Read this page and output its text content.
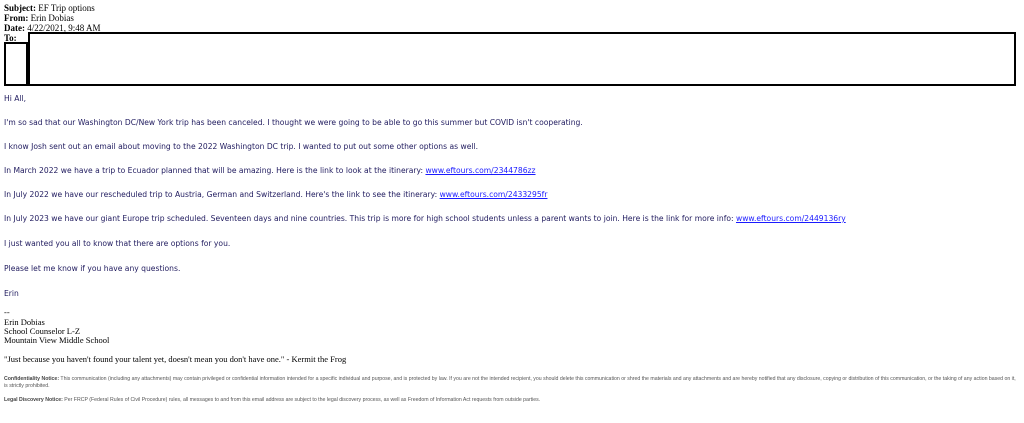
Subject: EF Trip options
From: Erin Dobias
Date: 4/22/2021, 9:48 AM
To:
Hi All,
I'm so sad that our Washington DC/New York trip has been canceled. I thought we were going to be able to go this summer but COVID isn't cooperating.
I know Josh sent out an email about moving to the 2022 Washington DC trip. I wanted to put out some other options as well.
In March 2022 we have a trip to Ecuador planned that will be amazing. Here is the link to look at the itinerary: www.eftours.com/2344786zz
In July 2022 we have our rescheduled trip to Austria, German and Switzerland. Here's the link to see the itinerary: www.eftours.com/2433295fr
In July 2023 we have our giant Europe trip scheduled. Seventeen days and nine countries. This trip is more for high school students unless a parent wants to join. Here is the link for more info: www.eftours.com/2449136ry
I just wanted you all to know that there are options for you.
Please let me know if you have any questions.
Erin
--
Erin Dobias
School Counselor L-Z
Mountain View Middle School
"Just because you haven't found your talent yet, doesn't mean you don't have one." - Kermit the Frog
Confidentiality Notice: This communication (including any attachments) may contain privileged or confidential information intended for a specific individual and purpose, and is protected by law. If you are not the intended recipient, you should delete this communication or shred the materials and any attachments and are hereby notified that any disclosure, copying or distribution of this communication, or the taking of any action based on it, is strictly prohibited.
Legal Discovery Notice: Per FRCP (Federal Rules of Civil Procedure) rules, all messages to and from this email address are subject to the legal discovery process, as well as Freedom of Information Act requests from outside parties.
